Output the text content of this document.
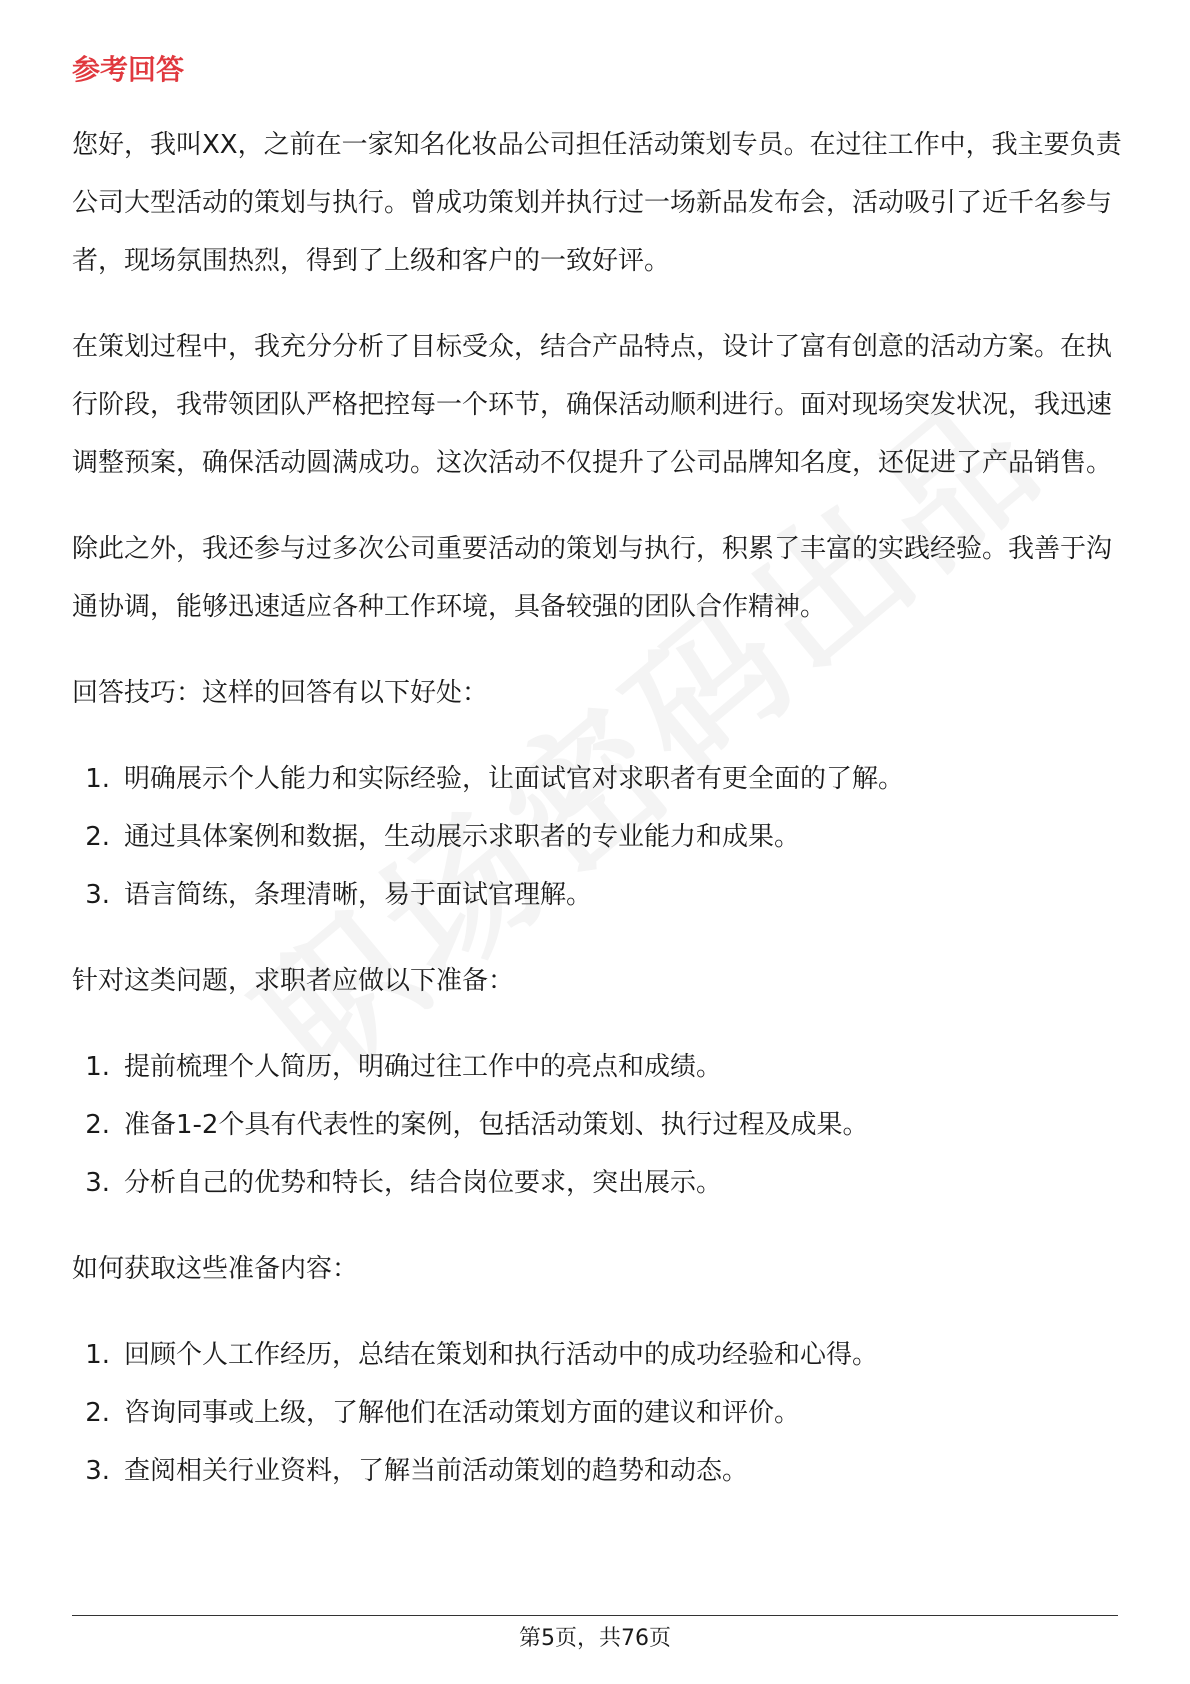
参考回答

您好，我叫XX，之前在一家知名化妆品公司担任活动策划专员。在过往工作中，我主要负责公司大型活动的策划与执行。曾成功策划并执行过一场新品发布会，活动吸引了近千名参与者，现场氛围热烈，得到了上级和客户的一致好评。

在策划过程中，我充分分析了目标受众，结合产品特点，设计了富有创意的活动方案。在执行阶段，我带领团队严格把控每一个环节，确保活动顺利进行。面对现场突发状况，我迅速调整预案，确保活动圆满成功。这次活动不仅提升了公司品牌知名度，还促进了产品销售。

除此之外，我还参与过多次公司重要活动的策划与执行，积累了丰富的实践经验。我善于沟通协调，能够迅速适应各种工作环境，具备较强的团队合作精神。

回答技巧：这样的回答有以下好处：

1. 明确展示个人能力和实际经验，让面试官对求职者有更全面的了解。
2. 通过具体案例和数据，生动展示求职者的专业能力和成果。
3. 语言简练，条理清晰，易于面试官理解。

针对这类问题，求职者应做以下准备：

1. 提前梳理个人简历，明确过往工作中的亮点和成绩。
2. 准备1-2个具有代表性的案例，包括活动策划、执行过程及成果。
3. 分析自己的优势和特长，结合岗位要求，突出展示。

如何获取这些准备内容：

1. 回顾个人工作经历，总结在策划和执行活动中的成功经验和心得。
2. 咨询同事或上级，了解他们在活动策划方面的建议和评价。
3. 查阅相关行业资料，了解当前活动策划的趋势和动态。
第5页，共76页
